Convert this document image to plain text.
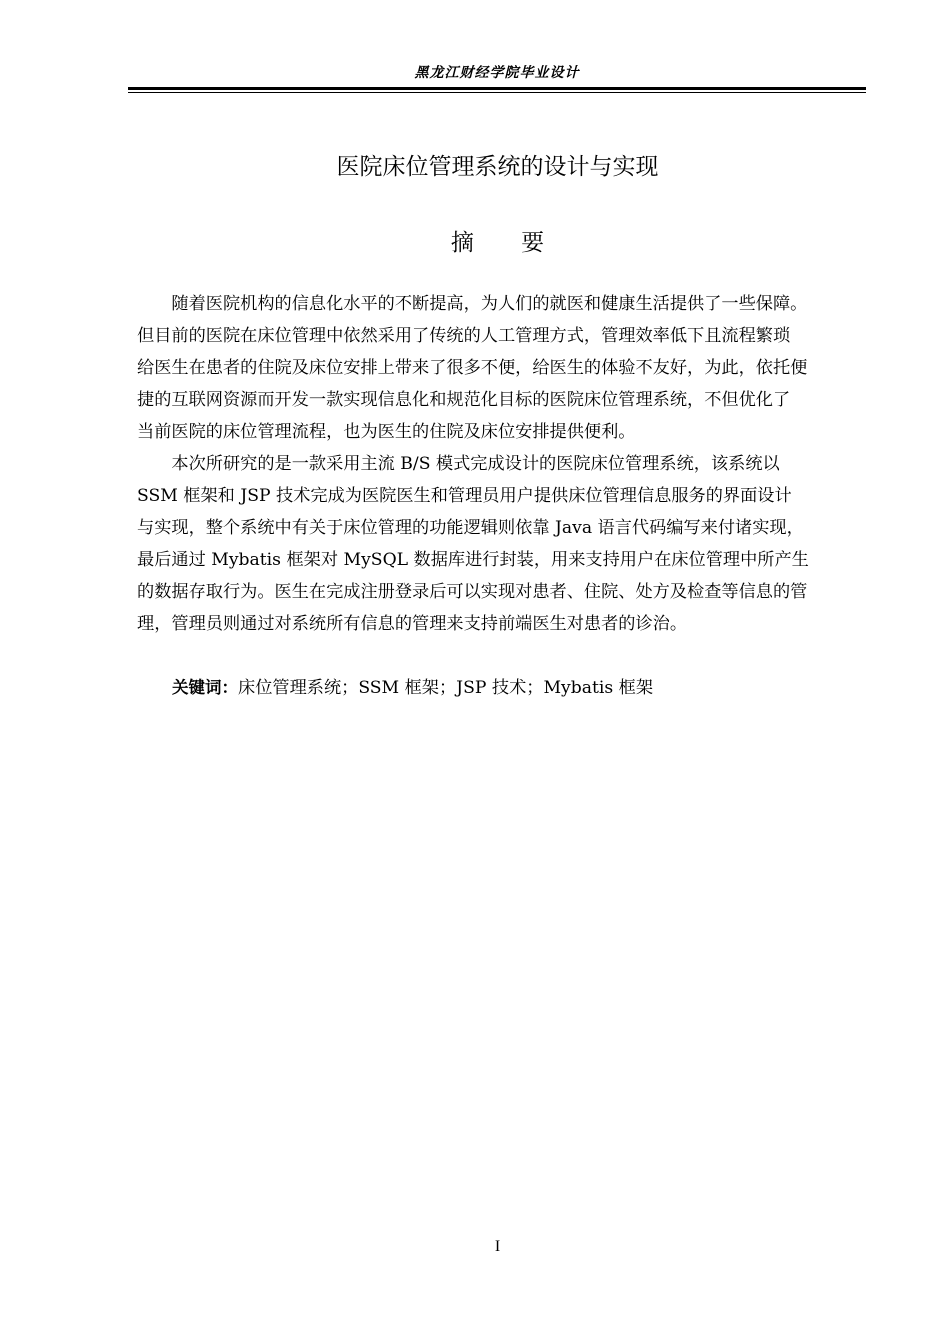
黑龙江财经学院毕业设计
医院床位管理系统的设计与实现
摘 要
　　随着医院机构的信息化水平的不断提高，为人们的就医和健康生活提供了一些保障。
但目前的医院在床位管理中依然采用了传统的人工管理方式，管理效率低下且流程繁琐
给医生在患者的住院及床位安排上带来了很多不便，给医生的体验不友好，为此，依托便
捷的互联网资源而开发一款实现信息化和规范化目标的医院床位管理系统，不但优化了
当前医院的床位管理流程，也为医生的住院及床位安排提供便利。
　　本次所研究的是一款采用主流 B/S 模式完成设计的医院床位管理系统，该系统以
SSM 框架和 JSP 技术完成为医院医生和管理员用户提供床位管理信息服务的界面设计
与实现，整个系统中有关于床位管理的功能逻辑则依靠 Java 语言代码编写来付诸实现，
最后通过 Mybatis 框架对 MySQL 数据库进行封装，用来支持用户在床位管理中所产生
的数据存取行为。医生在完成注册登录后可以实现对患者、住院、处方及检查等信息的管
理，管理员则通过对系统所有信息的管理来支持前端医生对患者的诊治。
关键词：床位管理系统；SSM 框架；JSP 技术；Mybatis 框架
I
